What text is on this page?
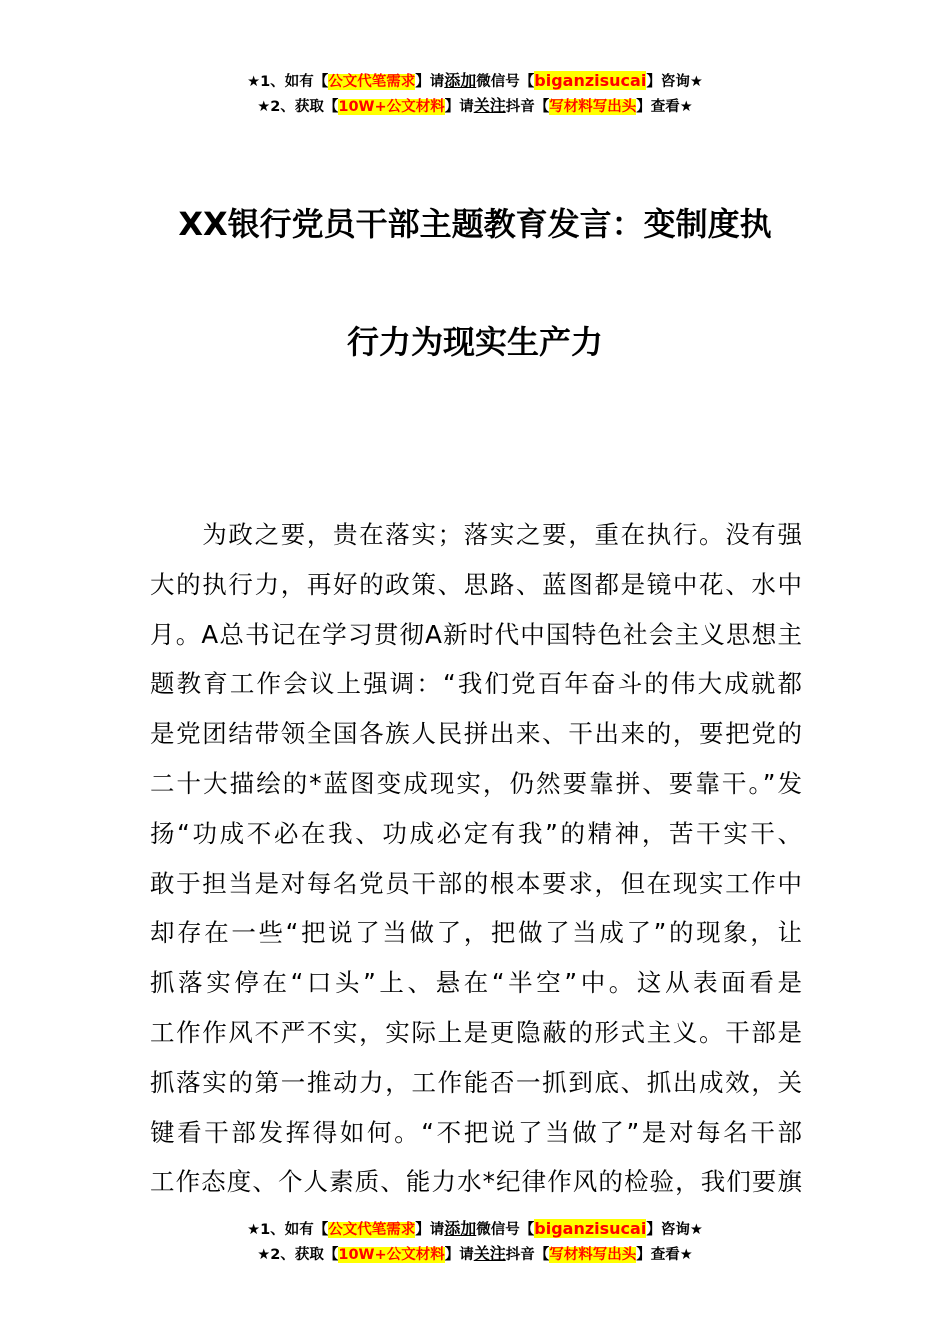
★1、如有【公文代笔需求】请添加微信号【biganzisucai】咨询★
★2、获取【10W+公文材料】请关注抖音【写材料写出头】查看★
XX银行党员干部主题教育发言：变制度执
行力为现实生产力
　　为政之要，贵在落实；落实之要，重在执行。没有强
大的执行力，再好的政策、思路、蓝图都是镜中花、水中
月。A总书记在学习贯彻A新时代中国特色社会主义思想主
题教育工作会议上强调：“我们党百年奋斗的伟大成就都
是党团结带领全国各族人民拼出来、干出来的，要把党的
二十大描绘的*蓝图变成现实，仍然要靠拼、要靠干。”发
扬“功成不必在我、功成必定有我”的精神，苦干实干、
敢于担当是对每名党员干部的根本要求，但在现实工作中
却存在一些“把说了当做了，把做了当成了”的现象，让
抓落实停在“口头”上、悬在“半空”中。这从表面看是
工作作风不严不实，实际上是更隐蔽的形式主义。干部是
抓落实的第一推动力，工作能否一抓到底、抓出成效，关
键看干部发挥得如何。“不把说了当做了”是对每名干部
工作态度、个人素质、能力水*纪律作风的检验，我们要旗
★1、如有【公文代笔需求】请添加微信号【biganzisucai】咨询★
★2、获取【10W+公文材料】请关注抖音【写材料写出头】查看★
